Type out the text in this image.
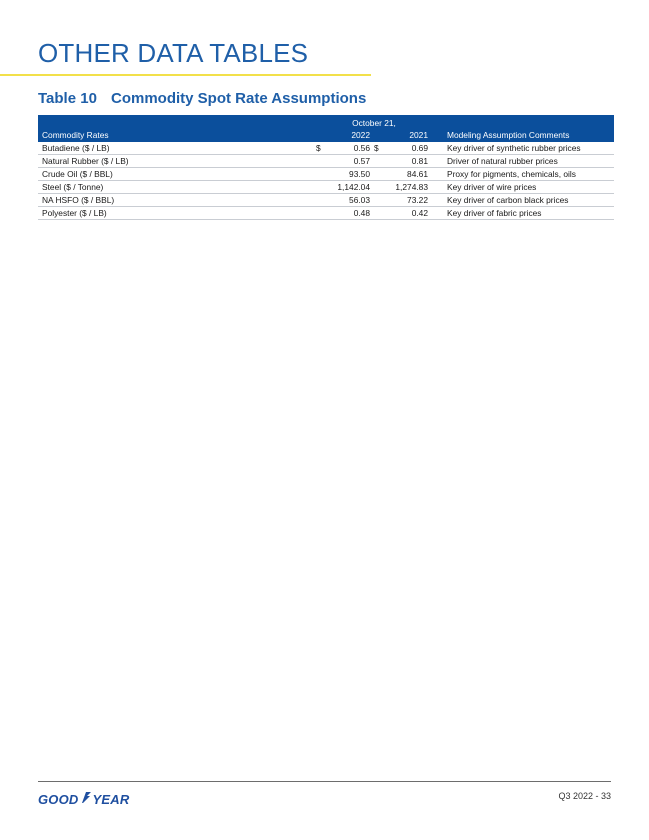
OTHER DATA TABLES
Table 10 Commodity Spot Rate Assumptions
	October 21,				
Commodity Rates		2022		2021	Modeling Assumption Comments
Butadiene ($ / LB)	$	0.56	$	0.69	Key driver of synthetic rubber prices
Natural Rubber ($ / LB)		0.57		0.81	Driver of natural rubber prices
Crude Oil ($ / BBL)		93.50		84.61	Proxy for pigments, chemicals, oils
Steel ($ / Tonne)		1,142.04		1,274.83	Key driver of wire prices
NA HSFO ($ / BBL)		56.03		73.22	Key driver of carbon black prices
Polyester ($ / LB)		0.48		0.42	Key driver of fabric prices
GOOD YEAR	Q3 2022 - 33
